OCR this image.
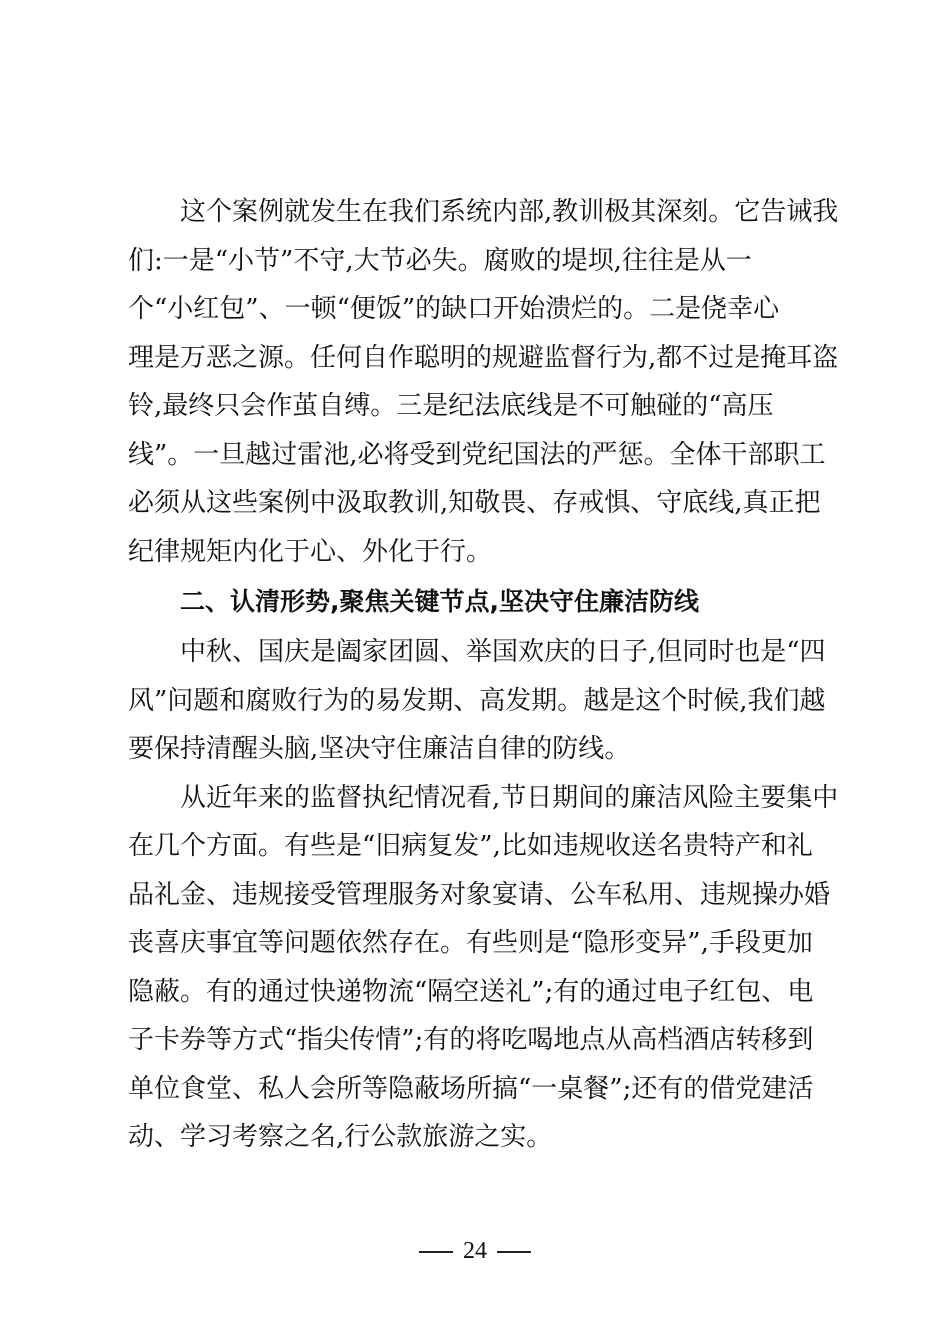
这个案例就发生在我们系统内部,教训极其深刻。它告诫我
们:一是“小节”不守,大节必失。腐败的堤坝,往往是从一
个“小红包”、一顿“便饭”的缺口开始溃烂的。二是侥幸心
理是万恶之源。任何自作聪明的规避监督行为,都不过是掩耳盗
铃,最终只会作茧自缚。三是纪法底线是不可触碰的“高压
线”。一旦越过雷池,必将受到党纪国法的严惩。全体干部职工
必须从这些案例中汲取教训,知敬畏、存戒惧、守底线,真正把
纪律规矩内化于心、外化于行。
二、认清形势,聚焦关键节点,坚决守住廉洁防线
中秋、国庆是阖家团圆、举国欢庆的日子,但同时也是“四
风”问题和腐败行为的易发期、高发期。越是这个时候,我们越
要保持清醒头脑,坚决守住廉洁自律的防线。
从近年来的监督执纪情况看,节日期间的廉洁风险主要集中
在几个方面。有些是“旧病复发”,比如违规收送名贵特产和礼
品礼金、违规接受管理服务对象宴请、公车私用、违规操办婚
丧喜庆事宜等问题依然存在。有些则是“隐形变异”,手段更加
隐蔽。有的通过快递物流“隔空送礼”;有的通过电子红包、电
子卡券等方式“指尖传情”;有的将吃喝地点从高档酒店转移到
单位食堂、私人会所等隐蔽场所搞“一桌餐”;还有的借党建活
动、学习考察之名,行公款旅游之实。
24
